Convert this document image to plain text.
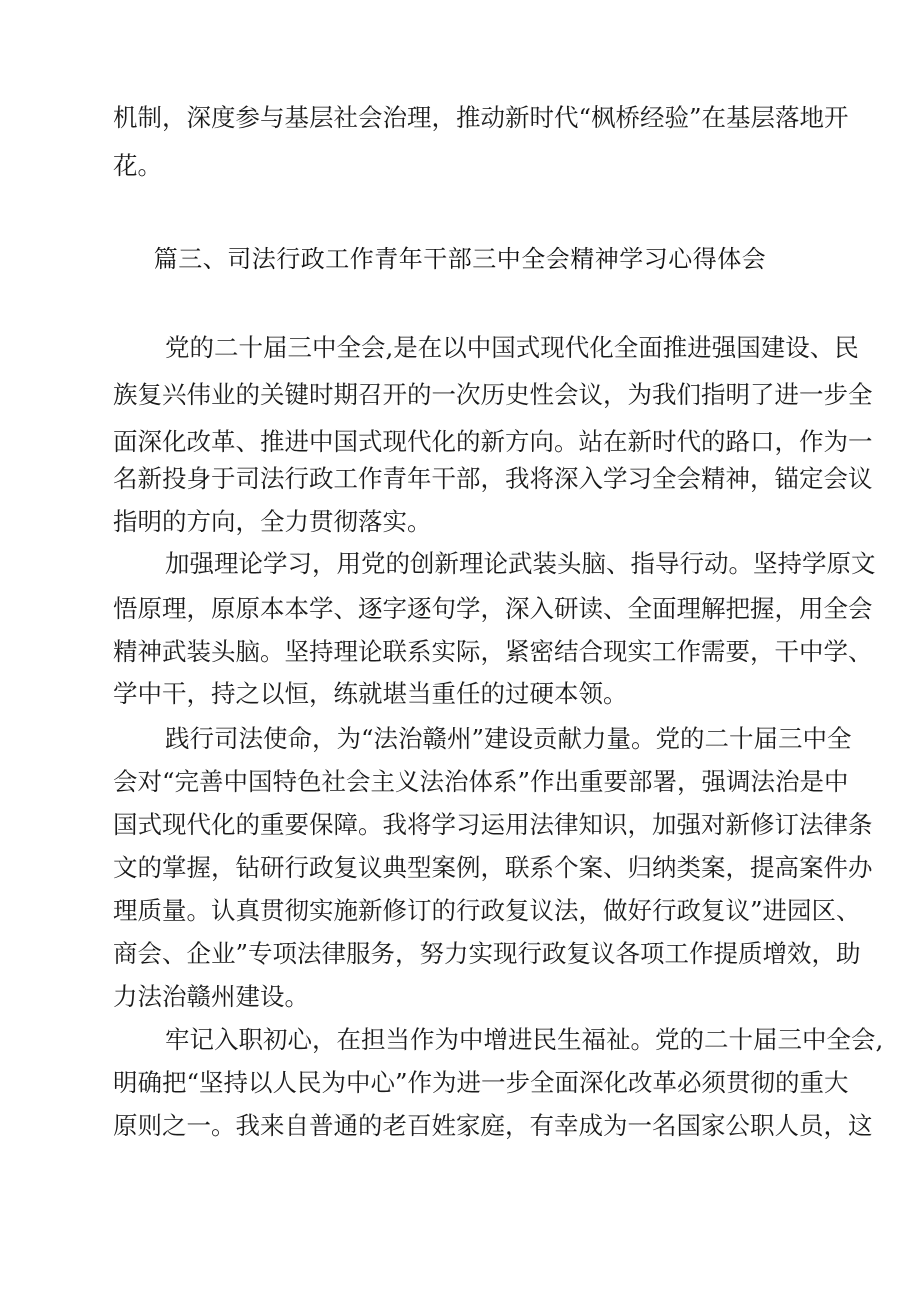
机制，深度参与基层社会治理，推动新时代“枫桥经验”在基层落地开
花。
篇三、司法行政工作青年干部三中全会精神学习心得体会
党的二十届三中全会,是在以中国式现代化全面推进强国建设、民
族复兴伟业的关键时期召开的一次历史性会议，为我们指明了进一步全
面深化改革、推进中国式现代化的新方向。站在新时代的路口，作为一
名新投身于司法行政工作青年干部，我将深入学习全会精神，锚定会议
指明的方向，全力贯彻落实。
加强理论学习，用党的创新理论武装头脑、指导行动。坚持学原文
悟原理，原原本本学、逐字逐句学，深入研读、全面理解把握，用全会
精神武装头脑。坚持理论联系实际，紧密结合现实工作需要，干中学、
学中干，持之以恒，练就堪当重任的过硬本领。
践行司法使命，为“法治赣州”建设贡献力量。党的二十届三中全
会对“完善中国特色社会主义法治体系”作出重要部署，强调法治是中
国式现代化的重要保障。我将学习运用法律知识，加强对新修订法律条
文的掌握，钻研行政复议典型案例，联系个案、归纳类案，提高案件办
理质量。认真贯彻实施新修订的行政复议法，做好行政复议”进园区、
商会、企业”专项法律服务，努力实现行政复议各项工作提质增效，助
力法治赣州建设。
牢记入职初心，在担当作为中增进民生福祉。党的二十届三中全会,
明确把“坚持以人民为中心”作为进一步全面深化改革必须贯彻的重大
原则之一。我来自普通的老百姓家庭，有幸成为一名国家公职人员，这
